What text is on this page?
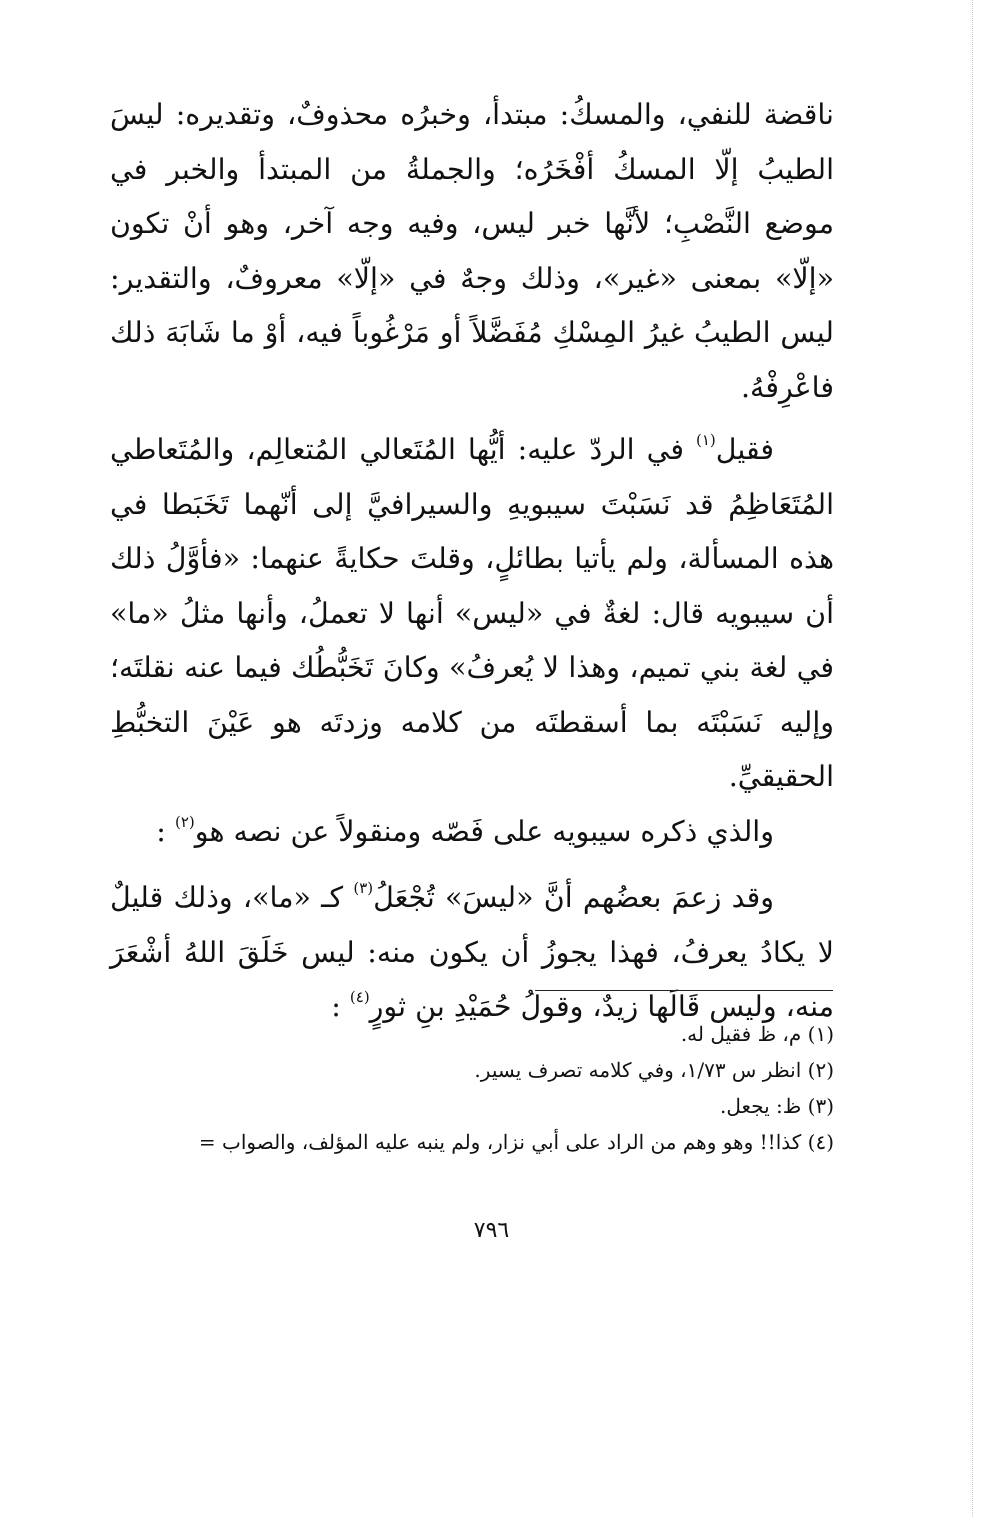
ناقضة للنفي، والمسكُ: مبتدأ، وخبرُه محذوفٌ، وتقديره: ليسَ الطيبُ إلّا المسكُ أفْخَرُه؛ والجملةُ من المبتدأ والخبر في موضع النَّصْبِ؛ لأنَّها خبر ليس، وفيه وجه آخر، وهو أنْ تكون «إلّا» بمعنى «غير»، وذلك وجهٌ في «إلّا» معروفٌ، والتقدير: ليس الطيبُ غيرُ المِسْكِ مُفَضَّلاً أو مَرْغُوباً فيه، أوْ ما شَابَهَ ذلك فاعْرِفْهُ.

فقيل$^{(١)}$ في الردّ عليه: أيُّها المُتَعالي المُتعالِم، والمُتَعاطي المُتَعَاظِمُ قد نَسَبْتَ سيبويهِ والسيرافيَّ إلى أنّهما تَخَبَطا في هذه المسألة، ولم يأتيا بطائلٍ، وقلتَ حكايةً عنهما: «فأوَّلُ ذلك أن سيبويه قال: لغةٌ في «ليس» أنها لا تعملُ، وأنها مثلُ «ما» في لغة بني تميم، وهذا لا يُعرفُ» وكانَ تَخَبُّطُك فيما عنه نقلتَه؛ وإليه نَسَبْتَه بما أسقطتَه من كلامه وزدتَه هو عَيْنَ التخبُّطِ الحقيقيِّ.

والذي ذكره سيبويه على فَصّه ومنقولاً عن نصه هو$^{(٢)}$ :

وقد زعمَ بعضُهم أنَّ «ليسَ» تُجْعَلُ$^{(٣)}$ كـ «ما»، وذلك قليلٌ لا يكادُ يعرفُ، فهذا يجوزُ أن يكون منه: ليس خَلَقَ اللهُ أشْعَرَ منه، وليس قَالَها زيدٌ، وقولُ حُمَيْدِ بنِ ثورٍ$^{(٤)}$ :

(١) م، ظ فقيل له.

(٢) انظر س ١/٧٣، وفي كلامه تصرف يسير.

(٣) ظ: يجعل.

(٤) كذا!! وهو وهم من الراد على أبي نزار، ولم ينبه عليه المؤلف، والصواب =

٧٩٦
